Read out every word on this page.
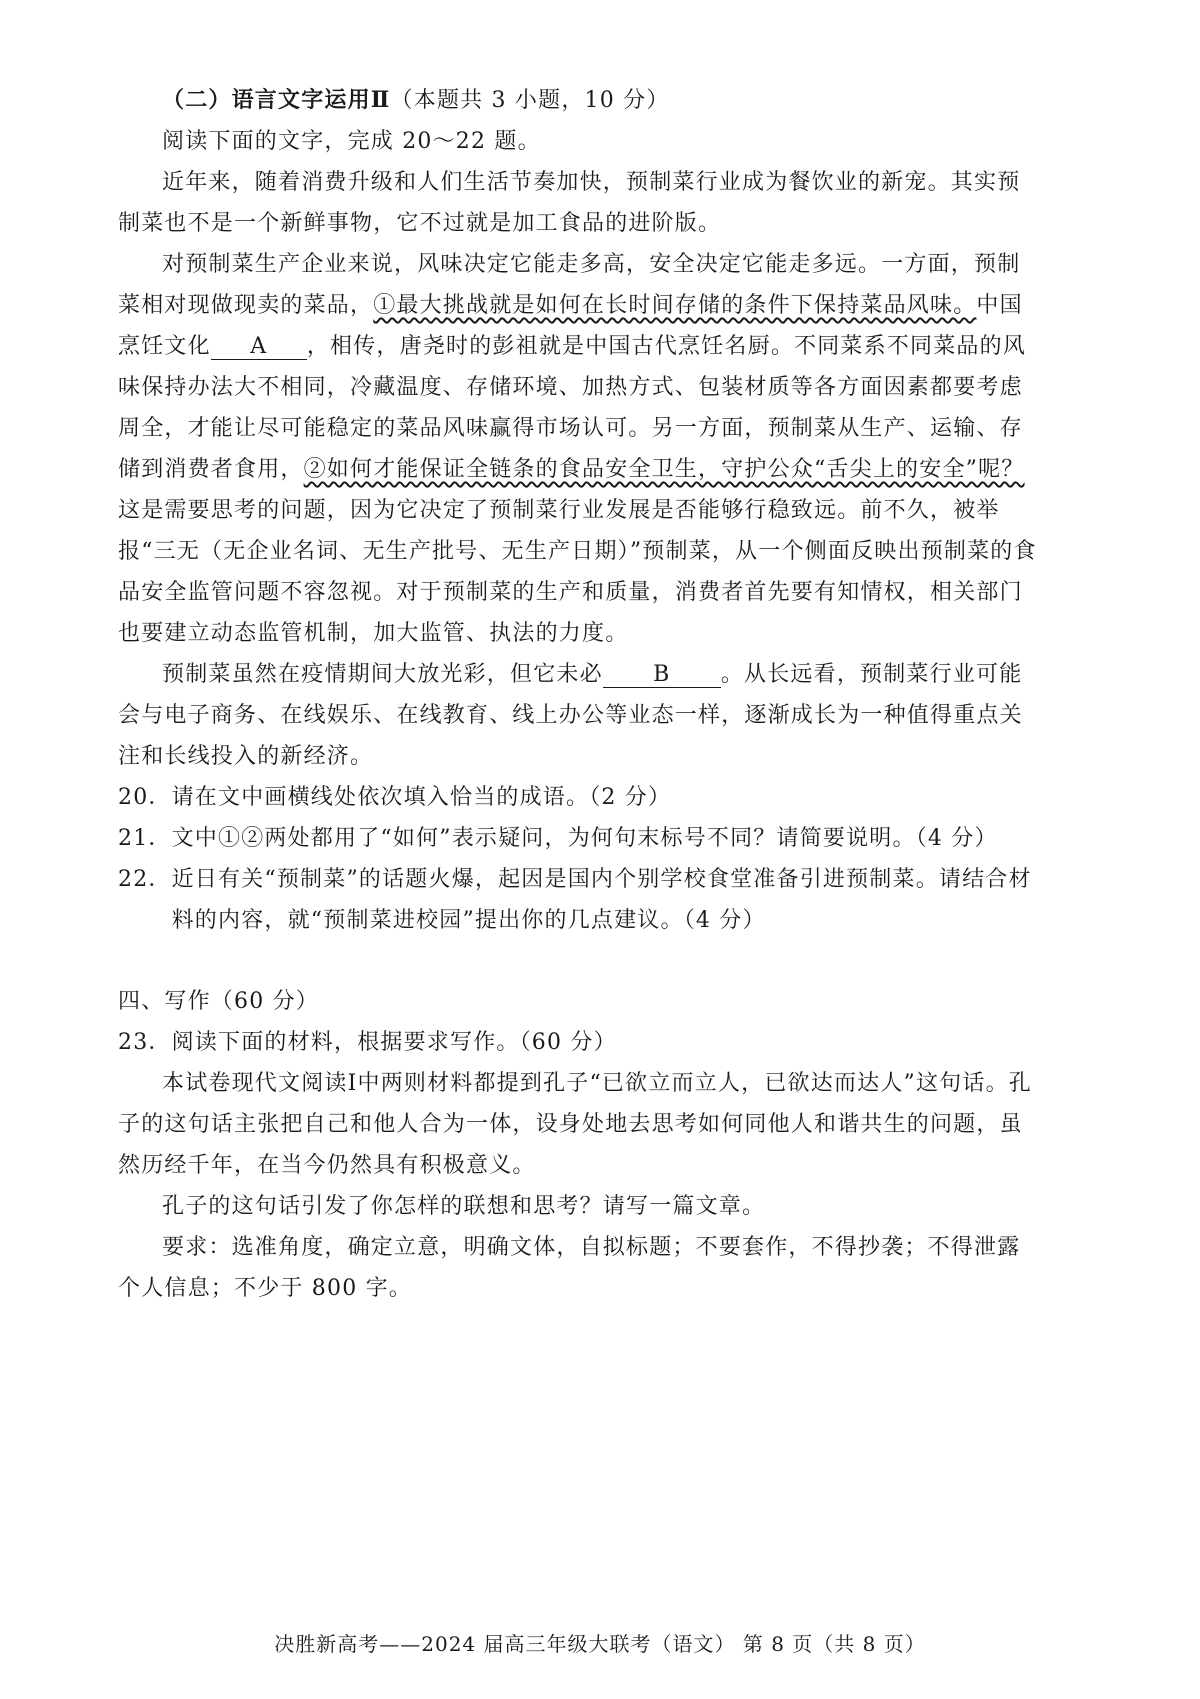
（二）语言文字运用Ⅱ（本题共 3 小题，10 分）

阅读下面的文字，完成 20～22 题。

近年来，随着消费升级和人们生活节奏加快，预制菜行业成为餐饮业的新宠。其实预制菜也不是一个新鲜事物，它不过就是加工食品的进阶版。

对预制菜生产企业来说，风味决定它能走多高，安全决定它能走多远。一方面，预制菜相对现做现卖的菜品，①最大挑战就是如何在长时间存储的条件下保持菜品风味。中国烹饪文化 A ，相传，唐尧时的彭祖就是中国古代烹饪名厨。不同菜系不同菜品的风味保持办法大不相同，冷藏温度、存储环境、加热方式、包装材质等各方面因素都要考虑周全，才能让尽可能稳定的菜品风味赢得市场认可。另一方面，预制菜从生产、运输、存储到消费者食用，②如何才能保证全链条的食品安全卫生，守护公众“舌尖上的安全”呢？这是需要思考的问题，因为它决定了预制菜行业发展是否能够行稳致远。前不久，被举报“三无（无企业名词、无生产批号、无生产日期）”预制菜，从一个侧面反映出预制菜的食品安全监管问题不容忽视。对于预制菜的生产和质量，消费者首先要有知情权，相关部门也要建立动态监管机制，加大监管、执法的力度。

预制菜虽然在疫情期间大放光彩，但它未必 B 。从长远看，预制菜行业可能会与电子商务、在线娱乐、在线教育、线上办公等业态一样，逐渐成长为一种值得重点关注和长线投入的新经济。

20． 请在文中画横线处依次填入恰当的成语。（2 分）
21． 文中①②两处都用了“如何”表示疑问，为何句末标号不同？请简要说明。（4 分）
22． 近日有关“预制菜”的话题火爆，起因是国内个别学校食堂准备引进预制菜。请结合材料的内容，就“预制菜进校园”提出你的几点建议。（4 分）

四、写作（60 分）

23． 阅读下面的材料，根据要求写作。（60 分）

本试卷现代文阅读Ⅰ中两则材料都提到孔子“已欲立而立人，已欲达而达人”这句话。孔子的这句话主张把自己和他人合为一体，设身处地去思考如何同他人和谐共生的问题，虽然历经千年，在当今仍然具有积极意义。

孔子的这句话引发了你怎样的联想和思考？请写一篇文章。

要求：选准角度，确定立意，明确文体，自拟标题；不要套作，不得抄袭；不得泄露个人信息；不少于 800 字。

决胜新高考——2024 届高三年级大联考（语文） 第 8 页（共 8 页）
